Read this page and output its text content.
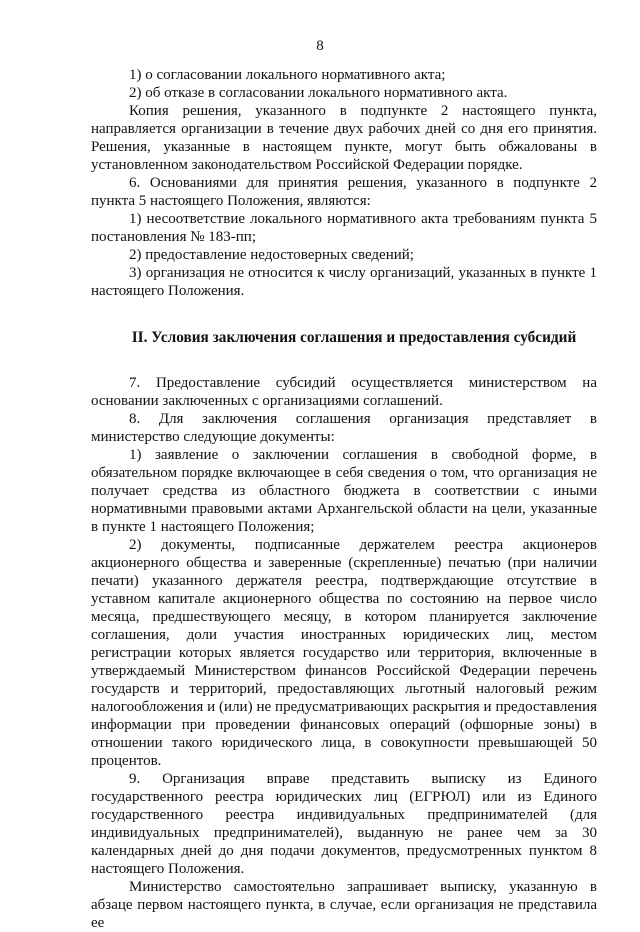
8

1) о согласовании локального нормативного акта;

2) об отказе в согласовании локального нормативного акта.

Копия решения, указанного в подпункте 2 настоящего пункта, направляется организации в течение двух рабочих дней со дня его принятия. Решения, указанные в настоящем пункте, могут быть обжалованы в установленном законодательством Российской Федерации порядке.

6. Основаниями для принятия решения, указанного в подпункте 2 пункта 5 настоящего Положения, являются:

1) несоответствие локального нормативного акта требованиям пункта 5 постановления № 183-пп;

2) предоставление недостоверных сведений;

3) организация не относится к числу организаций, указанных в пункте 1 настоящего Положения.

II. Условия заключения соглашения и предоставления субсидий

7. Предоставление субсидий осуществляется министерством на основании заключенных с организациями соглашений.

8. Для заключения соглашения организация представляет в министерство следующие документы:

1) заявление о заключении соглашения в свободной форме, в обязательном порядке включающее в себя сведения о том, что организация не получает средства из областного бюджета в соответствии с иными нормативными правовыми актами Архангельской области на цели, указанные в пункте 1 настоящего Положения;

2) документы, подписанные держателем реестра акционеров акционерного общества и заверенные (скрепленные) печатью (при наличии печати) указанного держателя реестра, подтверждающие отсутствие в уставном капитале акционерного общества по состоянию на первое число месяца, предшествующего месяцу, в котором планируется заключение соглашения, доли участия иностранных юридических лиц, местом регистрации которых является государство или территория, включенные в утверждаемый Министерством финансов Российской Федерации перечень государств и территорий, предоставляющих льготный налоговый режим налогообложения и (или) не предусматривающих раскрытия и предоставления информации при проведении финансовых операций (офшорные зоны) в отношении такого юридического лица, в совокупности превышающей 50 процентов.

9. Организация вправе представить выписку из Единого государственного реестра юридических лиц (ЕГРЮЛ) или из Единого государственного реестра индивидуальных предпринимателей (для индивидуальных предпринимателей), выданную не ранее чем за 30 календарных дней до дня подачи документов, предусмотренных пунктом 8 настоящего Положения.

Министерство самостоятельно запрашивает выписку, указанную в абзаце первом настоящего пункта, в случае, если организация не представила ее
